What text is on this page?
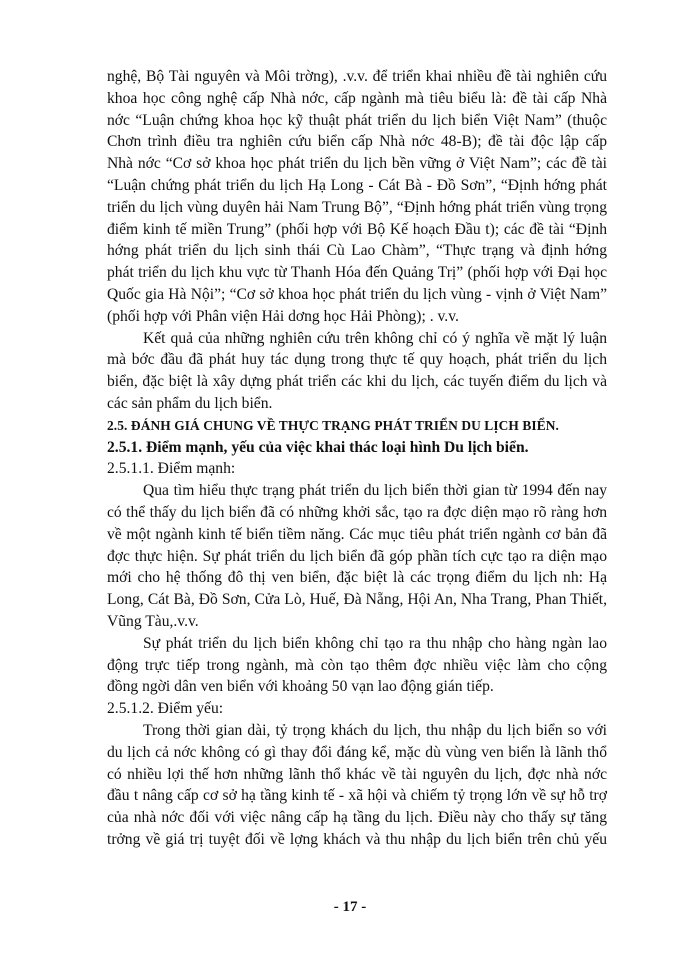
nghệ, Bộ Tài nguyên và Môi trờng), .v.v. để triển khai nhiều đề tài nghiên cứu
khoa học công nghệ cấp Nhà nớc, cấp ngành mà tiêu biểu là: đề tài cấp Nhà
nớc “Luận chứng khoa học kỹ thuật phát triển du lịch biển Việt Nam” (thuộc
Chơn trình điều tra nghiên cứu biển cấp Nhà nớc 48-B); đề tài độc lập cấp
Nhà nớc “Cơ sở khoa học phát triển du lịch bền vững ở Việt Nam”; các đề tài
“Luận chứng phát triển du lịch Hạ Long - Cát Bà - Đồ Sơn”, “Định hớng phát
triển du lịch vùng duyên hải Nam Trung Bộ”, “Định hớng phát triển vùng trọng
điểm kinh tế miền Trung” (phối hợp với Bộ Kế hoạch Đầu t); các đề tài “Định
hớng phát triển du lịch sinh thái Cù Lao Chàm”, “Thực trạng và định hớng
phát triển du lịch khu vực từ Thanh Hóa đến Quảng Trị” (phối hợp với Đại học
Quốc gia Hà Nội”; “Cơ sở khoa học phát triển du lịch vùng - vịnh ở Việt Nam”
(phối hợp với Phân viện Hải dơng học Hải Phòng); . v.v.
Kết quả của những nghiên cứu trên không chỉ có ý nghĩa về mặt lý luận
mà bớc đầu đã phát huy tác dụng trong thực tế quy hoạch, phát triển du lịch
biển, đặc biệt là xây dựng phát triển các khi du lịch, các tuyến điểm du lịch và
các sản phẩm du lịch biển.
2.5. ĐÁNH GIÁ CHUNG VỀ THỰC TRẠNG PHÁT TRIỂN DU LỊCH BIỂN.
2.5.1. Điểm mạnh, yếu của việc khai thác loại hình Du lịch biển.
2.5.1.1. Điểm mạnh:
Qua tìm hiểu thực trạng phát triển du lịch biển thời gian từ 1994 đến nay
có thể thấy du lịch biển đã có những khởi sắc, tạo ra đợc diện mạo rõ ràng hơn
về một ngành kinh tế biển tiềm năng. Các mục tiêu phát triển ngành cơ bản đã
đợc thực hiện. Sự phát triển du lịch biển đã góp phần tích cực tạo ra diện mạo
mới cho hệ thống đô thị ven biển, đặc biệt là các trọng điểm du lịch nh: Hạ
Long, Cát Bà, Đồ Sơn, Cửa Lò, Huế, Đà Nẵng, Hội An, Nha Trang, Phan Thiết,
Vũng Tàu,.v.v.
Sự phát triển du lịch biển không chỉ tạo ra thu nhập cho hàng ngàn lao
động trực tiếp trong ngành, mà còn tạo thêm đợc nhiều việc làm cho cộng
đồng ngời dân ven biển với khoảng 50 vạn lao động gián tiếp.
2.5.1.2. Điểm yếu:
Trong thời gian dài, tỷ trọng khách du lịch, thu nhập du lịch biển so với
du lịch cả nớc không có gì thay đổi đáng kể, mặc dù vùng ven biển là lãnh thổ
có nhiều lợi thế hơn những lãnh thổ khác về tài nguyên du lịch, đợc nhà nớc
đầu t nâng cấp cơ sở hạ tầng kinh tế - xã hội và chiếm tỷ trọng lớn về sự hỗ trợ
của nhà nớc đối với việc nâng cấp hạ tầng du lịch. Điều này cho thấy sự tăng
trởng về giá trị tuyệt đối về lợng khách và thu nhập du lịch biển trên chủ yếu
- 17 -
